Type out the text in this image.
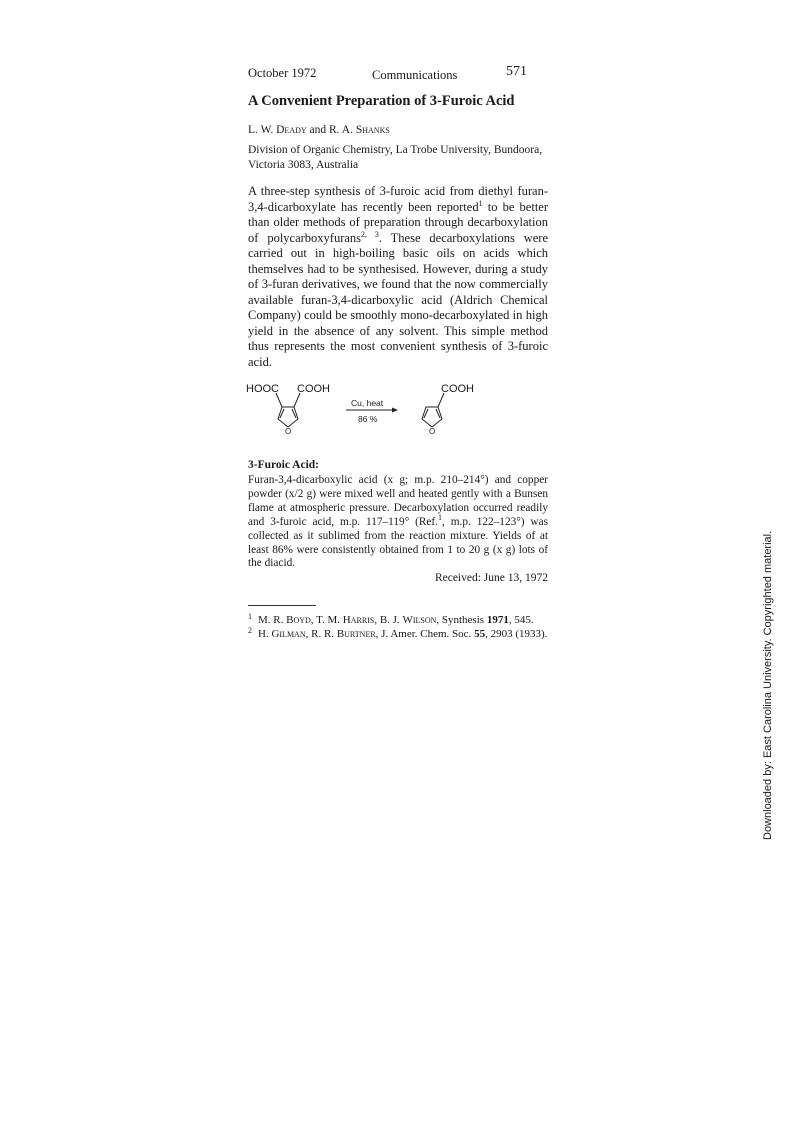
October 1972	Communications	571
A Convenient Preparation of 3-Furoic Acid
L. W. Deady and R. A. Shanks
Division of Organic Chemistry, La Trobe University, Bundoora, Victoria 3083, Australia

A three-step synthesis of 3-furoic acid from diethyl furan-3,4-dicarboxylate has recently been reported$^1$ to be better than older methods of preparation through decarboxylation of polycarboxyfurans$^{2, 3}$. These decarboxylations were carried out in high-boiling basic oils on acids which themselves had to be synthesised. However, during a study of 3-furan derivatives, we found that the now commercially available furan-3,4-dicarboxylic acid (Aldrich Chemical Company) could be smoothly mono-decarboxylated in high yield in the absence of any solvent. This simple method thus represents the most convenient synthesis of 3-furoic acid.

HOOC COOH
O
Cu, heat
86 %
COOH
O
3-Furoic Acid:
Furan-3,4-dicarboxylic acid (x g; m.p. 210–214°) and copper powder (x/2 g) were mixed well and heated gently with a Bunsen flame at atmospheric pressure. Decarboxylation occurred readily and 3-furoic acid, m.p. 117–119° (Ref.$^1$, m.p. 122–123°) was collected as it sublimed from the reaction mixture. Yields of at least 86% were consistently obtained from 1 to 20 g (x g) lots of the diacid.
Received: June 13, 1972
1 M. R. Boyd, T. M. Harris, B. J. Wilson, Synthesis 1971, 545.
2 H. Gilman, R. R. Burtner, J. Amer. Chem. Soc. 55, 2903 (1933).	Downloaded by: East Carolina University. Copyrighted material.
